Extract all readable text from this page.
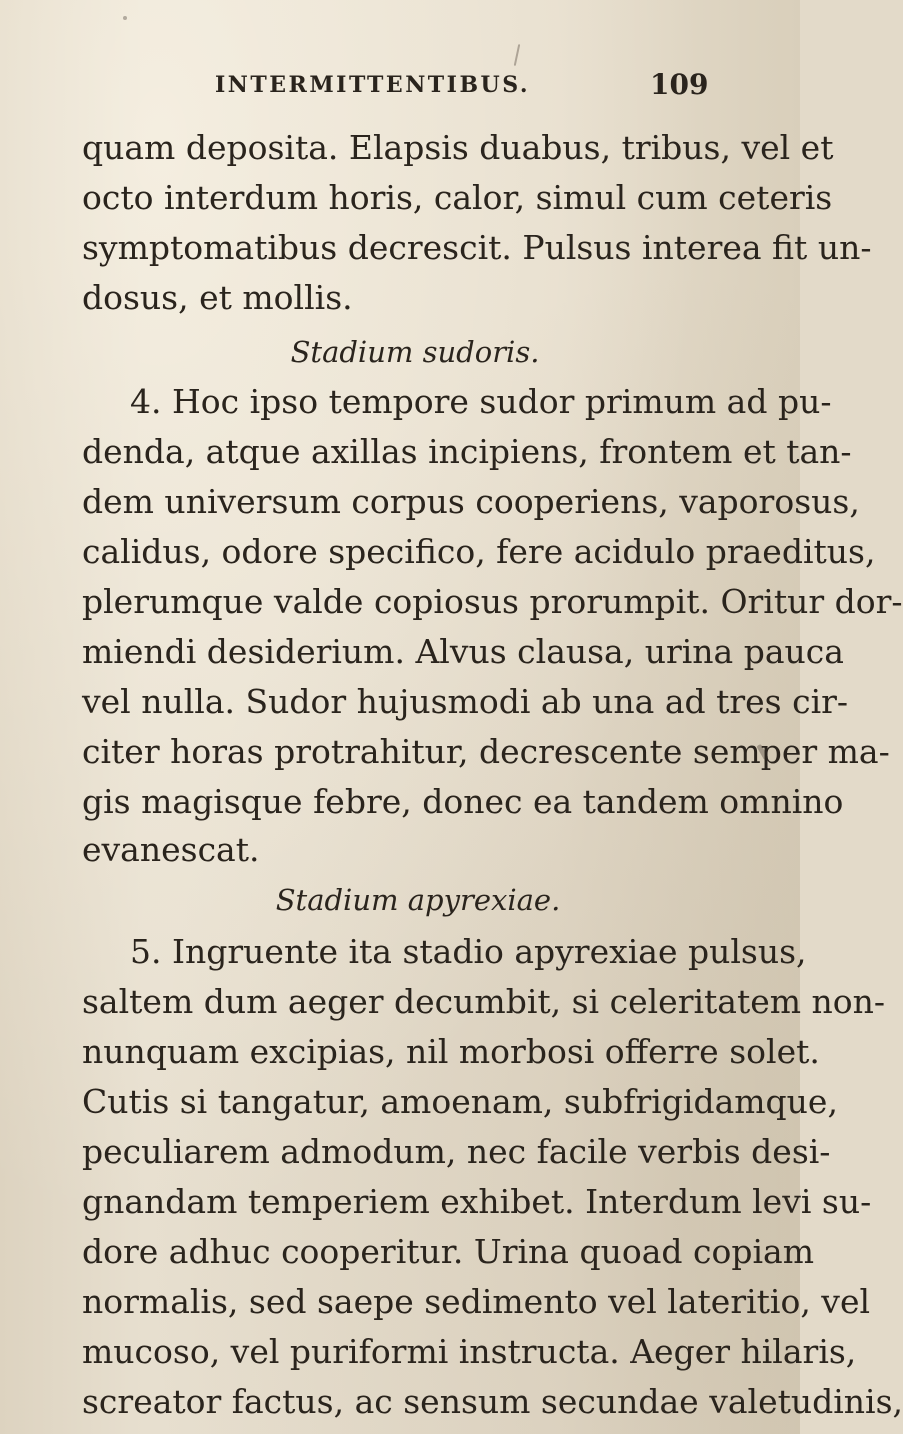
INTERMITTENTIBUS.	109
quam deposita. Elapsis duabus, tribus, vel et
octo interdum horis, calor, simul cum ceteris
symptomatibus decrescit. Pulsus interea fit un-
dosus, et mollis.
Stadium sudoris.
4. Hoc ipso tempore sudor primum ad pu-
denda, atque axillas incipiens, frontem et tan-
dem universum corpus cooperiens, vaporosus,
calidus, odore specifico, fere acidulo praeditus,
plerumque valde copiosus prorumpit. Oritur dor-
miendi desiderium. Alvus clausa, urina pauca
vel nulla. Sudor hujusmodi ab una ad tres cir-
citer horas protrahitur, decrescente semper ma-
gis magisque febre, donec ea tandem omnino
evanescat.
Stadium apyrexiae.
5. Ingruente ita stadio apyrexiae pulsus,
saltem dum aeger decumbit, si celeritatem non-
nunquam excipias, nil morbosi offerre solet.
Cutis si tangatur, amoenam, subfrigidamque,
peculiarem admodum, nec facile verbis desi-
gnandam temperiem exhibet. Interdum levi su-
dore adhuc cooperitur. Urina quoad copiam
normalis, sed saepe sedimento vel lateritio, vel
mucoso, vel puriformi instructa. Aeger hilaris,
screator factus, ac sensum secundae valetudinis,
